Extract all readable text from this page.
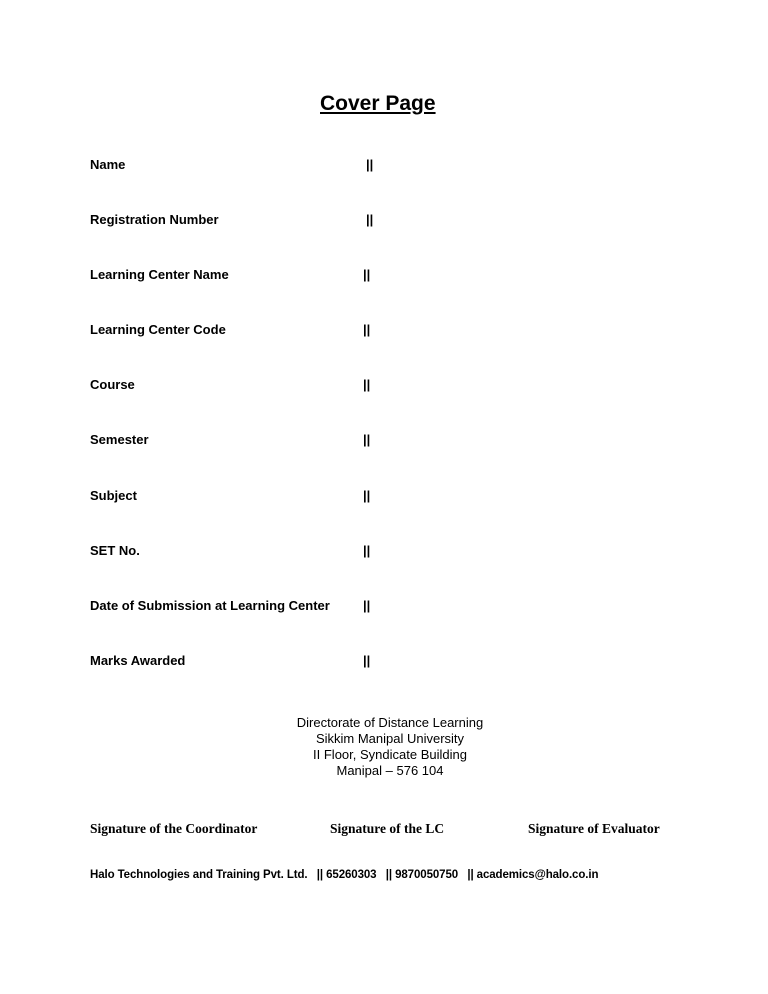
Cover Page
Name	||
Registration Number	||
Learning Center Name	||
Learning Center Code	||
Course	||
Semester	||
Subject	||
SET No.	||
Date of Submission at Learning Center	||
Marks Awarded	||
Directorate of Distance Learning
Sikkim Manipal University
II Floor, Syndicate Building
Manipal – 576 104
Signature of the Coordinator	Signature of the LC	Signature of Evaluator
Halo Technologies and Training Pvt. Ltd.   || 65260303   || 9870050750   || academics@halo.co.in
